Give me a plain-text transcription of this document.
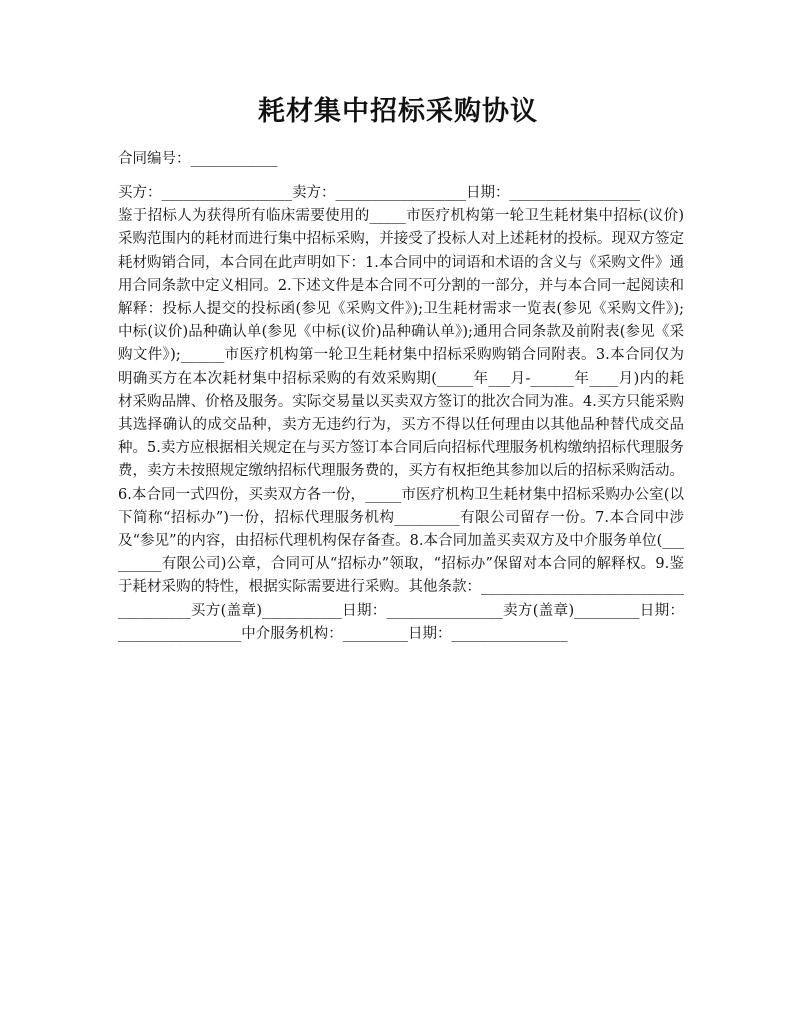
耗材集中招标采购协议
合同编号：____________

买方：__________________卖方：__________________日期：__________________

鉴于招标人为获得所有临床需要使用的_____市医疗机构第一轮卫生耗材集中招标(议价)采购范围内的耗材而进行集中招标采购，并接受了投标人对上述耗材的投标。现双方签定耗材购销合同，本合同在此声明如下：1.本合同中的词语和术语的含义与《采购文件》通用合同条款中定义相同。2.下述文件是本合同不可分割的一部分，并与本合同一起阅读和解释：投标人提交的投标函(参见《采购文件》);卫生耗材需求一览表(参见《采购文件》);中标(议价)品种确认单(参见《中标(议价)品种确认单》);通用合同条款及前附表(参见《采购文件》);______市医疗机构第一轮卫生耗材集中招标采购购销合同附表。3.本合同仅为明确买方在本次耗材集中招标采购的有效采购期(_____年___月-______年____月)内的耗材采购品牌、价格及服务。实际交易量以买卖双方签订的批次合同为准。4.买方只能采购其选择确认的成交品种，卖方无违约行为，买方不得以任何理由以其他品种替代成交品种。5.卖方应根据相关规定在与买方签订本合同后向招标代理服务机构缴纳招标代理服务费，卖方未按照规定缴纳招标代理服务费的，买方有权拒绝其参加以后的招标采购活动。6.本合同一式四份，买卖双方各一份，_____市医疗机构卫生耗材集中招标采购办公室(以下简称“招标办”)一份，招标代理服务机构_________有限公司留存一份。7.本合同中涉及“参见”的内容，由招标代理机构保存备查。8.本合同加盖买卖双方及中介服务单位(_________有限公司)公章，合同可从“招标办”领取，“招标办”保留对本合同的解释权。9.鉴于耗材采购的特性，根据实际需要进行采购。其他条款：______________________________________买方(盖章)___________日期：________________卖方(盖章)_________日期：_________________中介服务机构：_________日期：________________
